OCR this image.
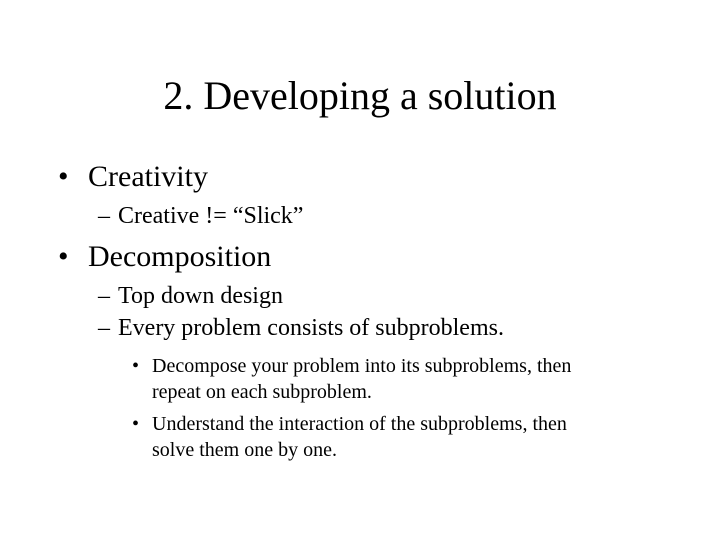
2. Developing a solution
• Creativity
– Creative != “Slick”
• Decomposition
– Top down design
– Every problem consists of subproblems.
• Decompose your problem into its subproblems, then
repeat on each subproblem.
• Understand the interaction of the subproblems, then
solve them one by one.
